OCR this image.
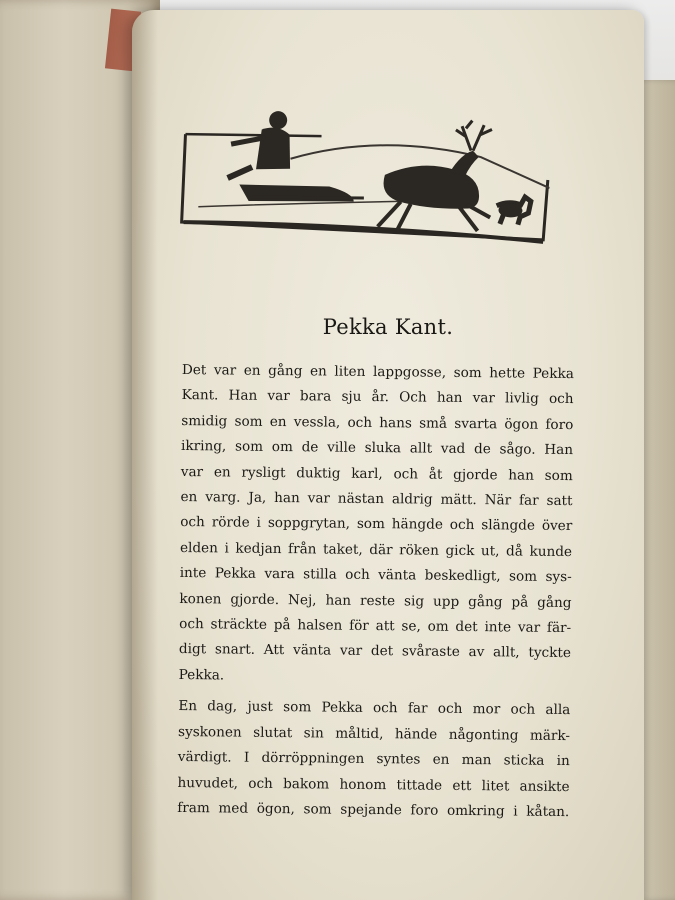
Pekka Kant.

Det var en gång en liten lappgosse, som hette Pekka
Kant. Han var bara sju år. Och han var livlig och
smidig som en vessla, och hans små svarta ögon foro
ikring, som om de ville sluka allt vad de sågo. Han
var en rysligt duktig karl, och åt gjorde han som
en varg. Ja, han var nästan aldrig mätt. När far satt
och rörde i soppgrytan, som hängde och slängde över
elden i kedjan från taket, där röken gick ut, då kunde
inte Pekka vara stilla och vänta beskedligt, som sys-
konen gjorde. Nej, han reste sig upp gång på gång
och sträckte på halsen för att se, om det inte var fär-
digt snart. Att vänta var det svåraste av allt, tyckte
Pekka.

En dag, just som Pekka och far och mor och alla
syskonen slutat sin måltid, hände någonting märk-
värdigt. I dörröppningen syntes en man sticka in
huvudet, och bakom honom tittade ett litet ansikte
fram med ögon, som spejande foro omkring i kåtan.
